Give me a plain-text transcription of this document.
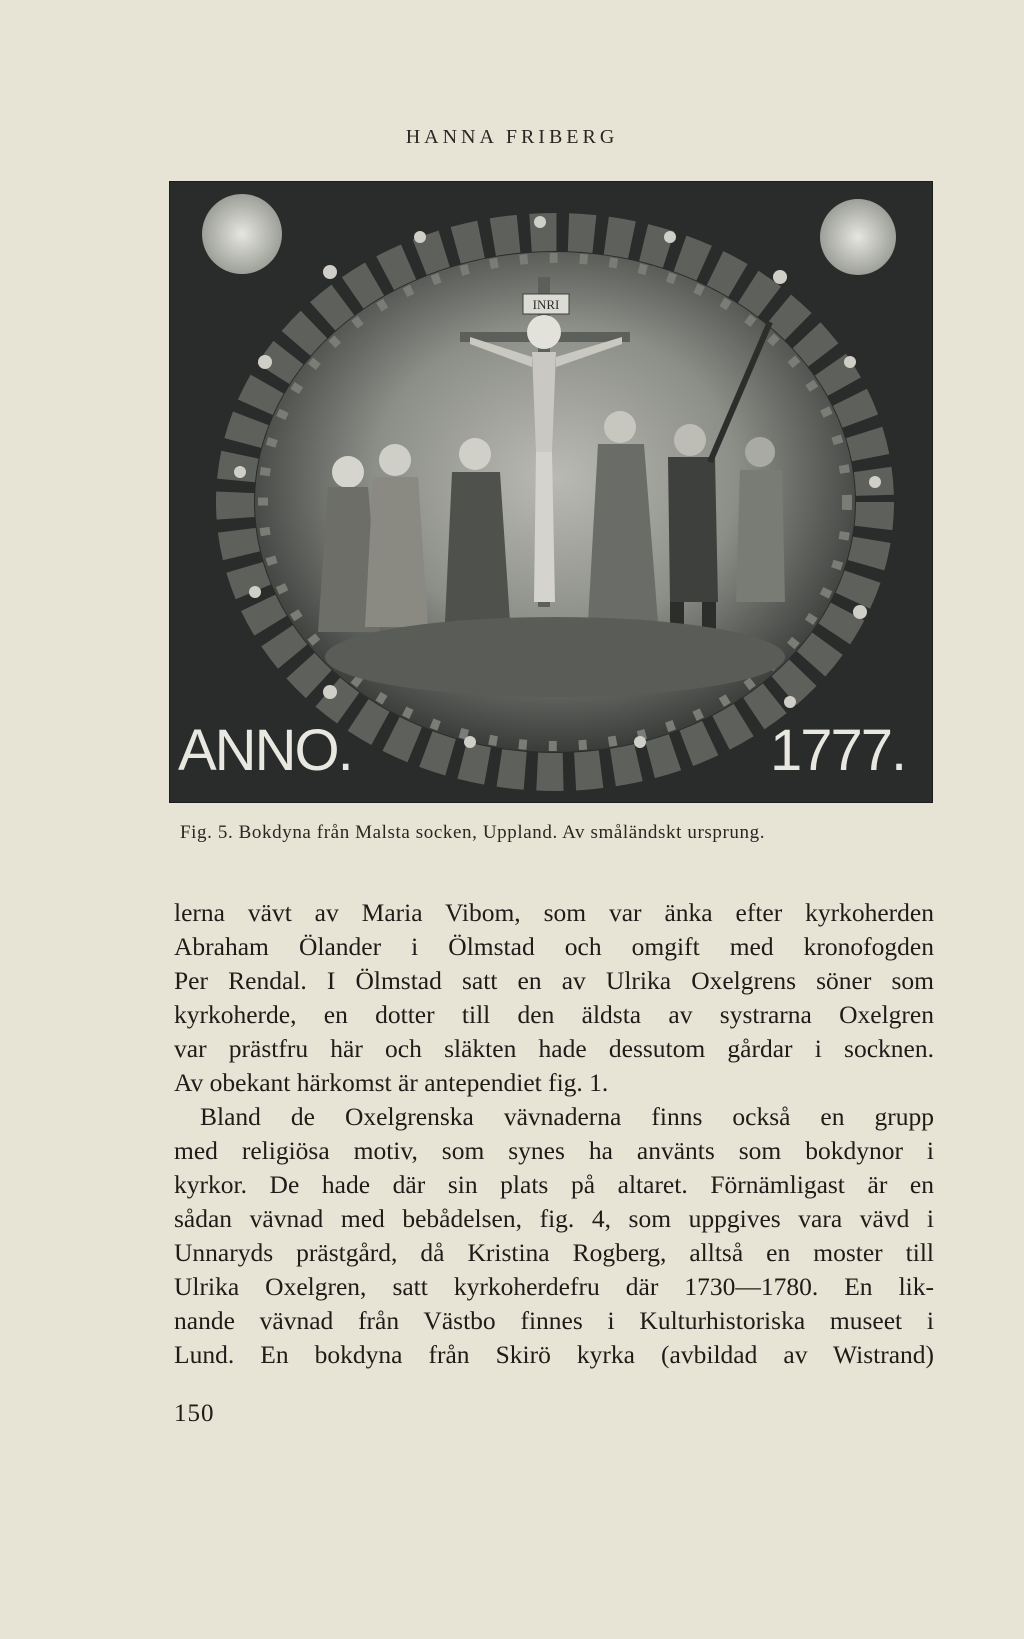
HANNA FRIBERG
INRI
ANNO.	1777.
Fig. 5. Bokdyna från Malsta socken, Uppland. Av småländskt ursprung.
lerna vävt av Maria Vibom, som var änka efter kyrkoherden
Abraham Ölander i Ölmstad och omgift med kronofogden
Per Rendal. I Ölmstad satt en av Ulrika Oxelgrens söner som
kyrkoherde, en dotter till den äldsta av systrarna Oxelgren
var prästfru här och släkten hade dessutom gårdar i socknen.
Av obekant härkomst är antependiet fig. 1.
Bland de Oxelgrenska vävnaderna finns också en grupp
med religiösa motiv, som synes ha använts som bokdynor i
kyrkor. De hade där sin plats på altaret. Förnämligast är en
sådan vävnad med bebådelsen, fig. 4, som uppgives vara vävd i
Unnaryds prästgård, då Kristina Rogberg, alltså en moster till
Ulrika Oxelgren, satt kyrkoherdefru där 1730—1780. En lik-
nande vävnad från Västbo finnes i Kulturhistoriska museet i
Lund. En bokdyna från Skirö kyrka (avbildad av Wistrand)
150
